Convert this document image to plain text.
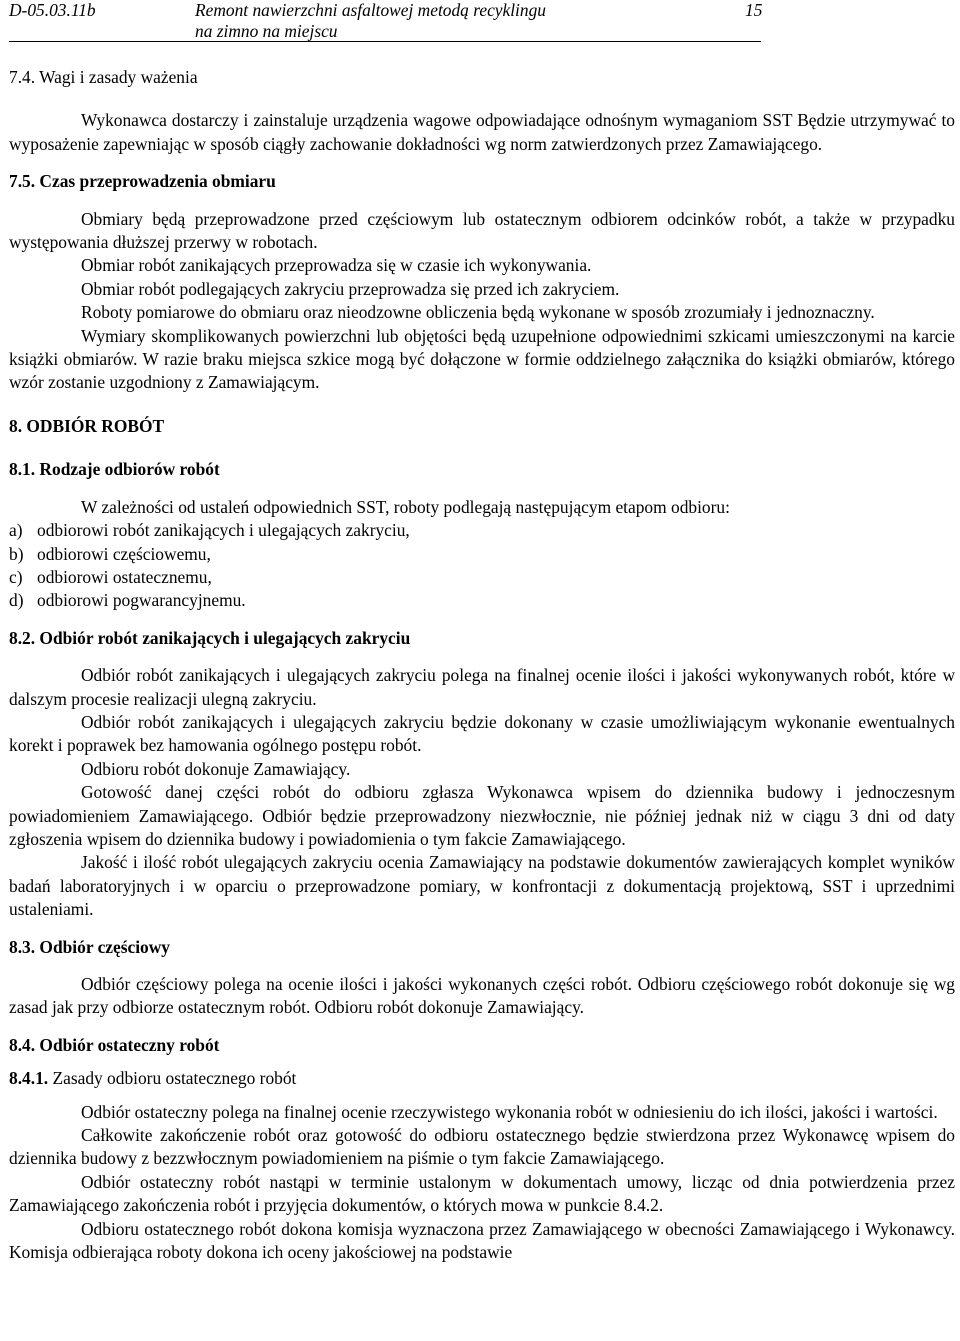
D-05.03.11b	Remont nawierzchni asfaltowej metodą recyklingu
na zimno na miejscu
15

7.4. Wagi i zasady ważenia

Wykonawca dostarczy i zainstaluje urządzenia wagowe odpowiadające odnośnym wymaganiom SST Będzie utrzymywać to wyposażenie zapewniając w sposób ciągły zachowanie dokładności wg norm zatwierdzonych przez Zamawiającego.

7.5. Czas przeprowadzenia obmiaru

Obmiary będą przeprowadzone przed częściowym lub ostatecznym odbiorem odcinków robót, a także w przypadku występowania dłuższej przerwy w robotach.

Obmiar robót zanikających przeprowadza się w czasie ich wykonywania.

Obmiar robót podlegających zakryciu przeprowadza się przed ich zakryciem.

Roboty pomiarowe do obmiaru oraz nieodzowne obliczenia będą wykonane w sposób zrozumiały i jednoznaczny.

Wymiary skomplikowanych powierzchni lub objętości będą uzupełnione odpowiednimi szkicami umieszczonymi na karcie książki obmiarów. W razie braku miejsca szkice mogą być dołączone w formie oddzielnego załącznika do książki obmiarów, którego wzór zostanie uzgodniony z Zamawiającym.

8. ODBIÓR ROBÓT

8.1. Rodzaje odbiorów robót

W zależności od ustaleń odpowiednich SST, roboty podlegają następującym etapom odbioru:

a) odbiorowi robót zanikających i ulegających zakryciu,
b) odbiorowi częściowemu,
c) odbiorowi ostatecznemu,
d) odbiorowi pogwarancyjnemu.

8.2. Odbiór robót zanikających i ulegających zakryciu

Odbiór robót zanikających i ulegających zakryciu polega na finalnej ocenie ilości i jakości wykonywanych robót, które w dalszym procesie realizacji ulegną zakryciu.

Odbiór robót zanikających i ulegających zakryciu będzie dokonany w czasie umożliwiającym wykonanie ewentualnych korekt i poprawek bez hamowania ogólnego postępu robót.

Odbioru robót dokonuje Zamawiający.

Gotowość danej części robót do odbioru zgłasza Wykonawca wpisem do dziennika budowy i jednoczesnym powiadomieniem Zamawiającego. Odbiór będzie przeprowadzony niezwłocznie, nie później jednak niż w ciągu 3 dni od daty zgłoszenia wpisem do dziennika budowy i powiadomienia o tym fakcie Zamawiającego.

Jakość i ilość robót ulegających zakryciu ocenia Zamawiający na podstawie dokumentów zawierających komplet wyników badań laboratoryjnych i w oparciu o przeprowadzone pomiary, w konfrontacji z dokumentacją projektową, SST i uprzednimi ustaleniami.

8.3. Odbiór częściowy

Odbiór częściowy polega na ocenie ilości i jakości wykonanych części robót. Odbioru częściowego robót dokonuje się wg zasad jak przy odbiorze ostatecznym robót. Odbioru robót dokonuje Zamawiający.

8.4. Odbiór ostateczny robót

8.4.1. Zasady odbioru ostatecznego robót

Odbiór ostateczny polega na finalnej ocenie rzeczywistego wykonania robót w odniesieniu do ich ilości, jakości i wartości.

Całkowite zakończenie robót oraz gotowość do odbioru ostatecznego będzie stwierdzona przez Wykonawcę wpisem do dziennika budowy z bezzwłocznym powiadomieniem na piśmie o tym fakcie Zamawiającego.

Odbiór ostateczny robót nastąpi w terminie ustalonym w dokumentach umowy, licząc od dnia potwierdzenia przez Zamawiającego zakończenia robót i przyjęcia dokumentów, o których mowa w punkcie 8.4.2.

Odbioru ostatecznego robót dokona komisja wyznaczona przez Zamawiającego w obecności Zamawiającego i Wykonawcy. Komisja odbierająca roboty dokona ich oceny jakościowej na podstawie
